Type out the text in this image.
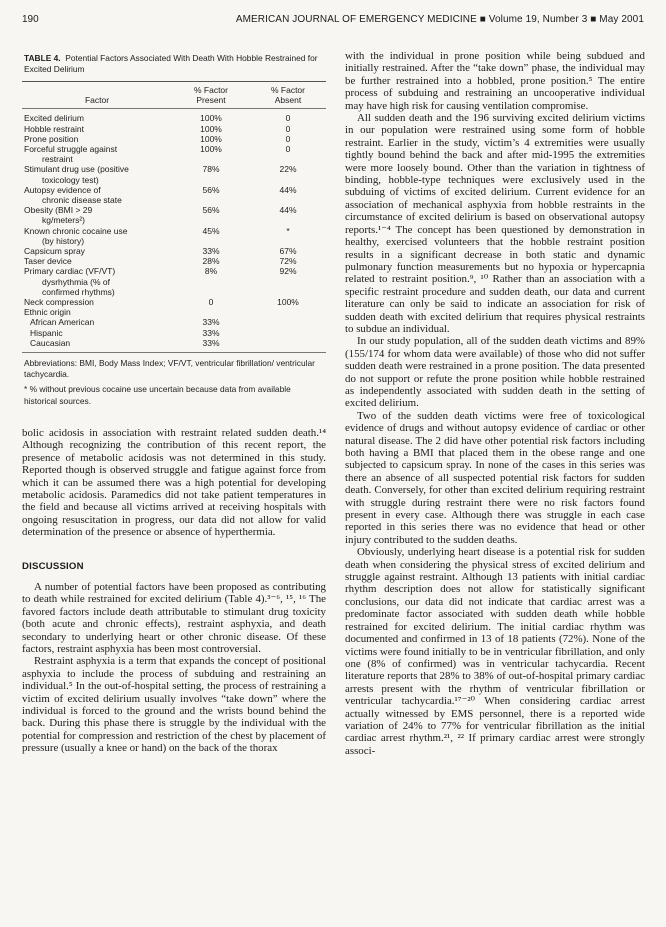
190	AMERICAN JOURNAL OF EMERGENCY MEDICINE ■ Volume 19, Number 3 ■ May 2001
TABLE 4. Potential Factors Associated With Death With Hobble Restrained for Excited Delirium
Factor	% Factor Present	% Factor Absent

Excited delirium	100%	0

Hobble restraint	100%	0

Prone position	100%	0

Forceful struggle against
restraint	100%	0

Stimulant drug use (positive
toxicology test)	78%	22%

Autopsy evidence of
chronic disease state	56%	44%

Obesity (BMI > 29
kg/meters²)	56%	44%

Known chronic cocaine use
(by history)	45%	*

Capsicum spray	33%	67%

Taser device	28%	72%

Primary cardiac (VF/VT)
dysrhythmia (% ofconfirmed rhythms)	8%	92%

Neck compression	0	100%

Ethnic origin		

African American	33%	

Hispanic	33%	

Caucasian	33%	

Abbreviations: BMI, Body Mass Index; VF/VT, ventricular fibrillation/ ventricular tachycardia.

* % without previous cocaine use uncertain because data from available historical sources.

bolic acidosis in association with restraint related sudden death.¹⁴ Although recognizing the contribution of this recent report, the presence of metabolic acidosis was not determined in this study. Reported though is observed struggle and fatigue against force from which it can be assumed there was a high potential for developing metabolic acidosis. Paramedics did not take patient temperatures in the field and because all victims arrived at receiving hospitals with ongoing resuscitation in progress, our data did not allow for valid determination of the presence or absence of hyperthermia.

DISCUSSION

A number of potential factors have been proposed as contributing to death while restrained for excited delirium (Table 4).³⁻⁶, ¹⁵, ¹⁶ The favored factors include death attributable to stimulant drug toxicity (both acute and chronic effects), restraint asphyxia, and death secondary to underlying heart or other chronic disease. Of these factors, restraint asphyxia has been most controversial.

Restraint asphyxia is a term that expands the concept of positional asphyxia to include the process of subduing and restraining an individual.⁵ In the out-of-hospital setting, the process of restraining a victim of excited delirium usually involves “take down” where the individual is forced to the ground and the wrists bound behind the back. During this phase there is struggle by the individual with the potential for compression and restriction of the chest by placement of pressure (usually a knee or hand) on the back of the thorax

with the individual in prone position while being subdued and initially restrained. After the “take down” phase, the individual may be further restrained into a hobbled, prone position.⁵ The entire process of subduing and restraining an uncooperative individual may have high risk for causing ventilation compromise.

All sudden death and the 196 surviving excited delirium victims in our population were restrained using some form of hobble restraint. Earlier in the study, victim’s 4 extremities were usually tightly bound behind the back and after mid-1995 the extremities were more loosely bound. Other than the variation in tightness of binding, hobble-type techniques were exclusively used in the subduing of victims of excited delirium. Current evidence for an association of mechanical asphyxia from hobble restraints in the circumstance of excited delirium is based on observational autopsy reports.¹⁻⁴ The concept has been questioned by demonstration in healthy, exercised volunteers that the hobble restraint position results in a significant decrease in both static and dynamic pulmonary function measurements but no hypoxia or hypercapnia related to restraint position.⁹, ¹⁰ Rather than an association with a specific restraint procedure and sudden death, our data and current literature can only be said to indicate an association for risk of sudden death with excited delirium that requires physical restraints to subdue an individual.

In our study population, all of the sudden death victims and 89% (155/174 for whom data were available) of those who did not suffer sudden death were restrained in a prone position. The data presented do not support or refute the prone position while hobble restrained as independently associated with sudden death in the setting of excited delirium.

Two of the sudden death victims were free of toxicological evidence of drugs and without autopsy evidence of cardiac or other natural disease. The 2 did have other potential risk factors including both having a BMI that placed them in the obese range and one subjected to capsicum spray. In none of the cases in this series was there an absence of all suspected potential risk factors for sudden death. Conversely, for other than excited delirium requiring restraint with struggle during restraint there were no risk factors found present in every case. Although there was struggle in each case reported in this series there was no evidence that head or other injury contributed to the sudden deaths.

Obviously, underlying heart disease is a potential risk for sudden death when considering the physical stress of excited delirium and struggle against restraint. Although 13 patients with initial cardiac rhythm description does not allow for statistically significant conclusions, our data did not indicate that cardiac arrest was a predominate factor associated with sudden death while hobble restrained for excited delirium. The initial cardiac rhythm was documented and confirmed in 13 of 18 patients (72%). None of the victims were found initially to be in ventricular fibrillation, and only one (8% of confirmed) was in ventricular tachycardia. Recent literature reports that 28% to 38% of out-of-hospital primary cardiac arrests present with the rhythm of ventricular fibrillation or ventricular tachycardia.¹⁷⁻²⁰ When considering cardiac arrest actually witnessed by EMS personnel, there is a reported wide variation of 24% to 77% for ventricular fibrillation as the initial cardiac arrest rhythm.²¹, ²² If primary cardiac arrest were strongly associ-
